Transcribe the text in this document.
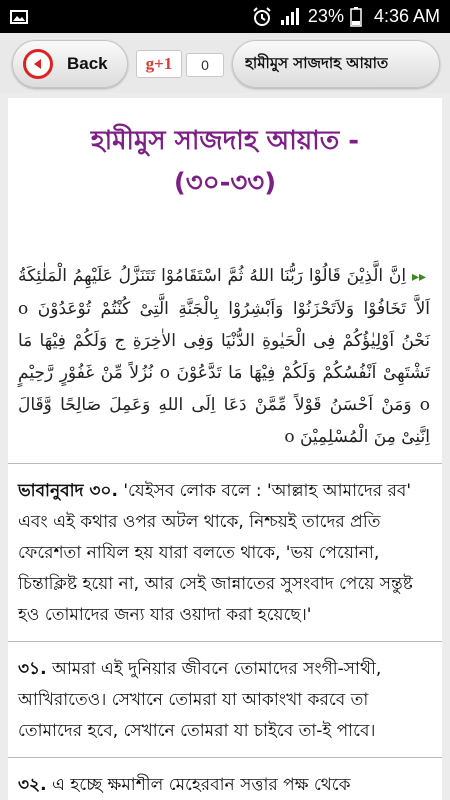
23% 4:36 AM
Back	g+1	0	হামীমুস সাজদাহ আয়াত
হামীমুস সাজদাহ আয়াত -
(৩০-৩৩)
▸▸ اِنَّ الَّذِيْنَ قَالُوْا رَبُّنَا اللهُ ثُمَّ اسْتَقَامُوْا تَتَنَزَّلُ عَلَيْهِمُ الْمَلٰئِكَةُ اَلاَّ تَخَافُوْا وَلاَتَحْزَنُوْا وَاَبْشِرُوْا بِالْجَنَّةِ الَّتِىْ كُنْتُمْ تُوْعَدُوْنَ o نَحْنُ اَوْلِيٰؤُكُمْ فِى الْحَيٰوةِ الدُّنْيَا وَفِى الاٰخِرَةِ ج وَلَكُمْ فِيْهَا مَا تَشْتَهِىْ اَنْفُسُكُمْ وَلَكُمْ فِيْهَا مَا تَدَّعُوْنَ o نُزُلاً مِّنْ غَفُوْرٍ رَّحِيْمٍ o وَمَنْ اَحْسَنُ قَوْلاً مِّمَّنْ دَعَا اِلَى اللهِ وَعَمِلَ صَالِحًا وَّقَالَ اِنَّنِىْ مِنَ الْمُسْلِمِيْنَ o
ভাবানুবাদ ৩০. 'যেইসব লোক বলে : 'আল্লাহ আমাদের রব' এবং এই কথার ওপর অটল থাকে, নিশ্চয়ই তাদের প্রতি ফেরেশতা নাযিল হয় যারা বলতে থাকে, 'ভয় পেয়োনা, চিন্তাক্লিষ্ট হয়ো না, আর সেই জান্নাতের সুসংবাদ পেয়ে সন্তুষ্ট হও তোমাদের জন্য যার ওয়াদা করা হয়েছে।'
৩১. আমরা এই দুনিয়ার জীবনে তোমাদের সংগী-সাথী, আখিরাতেও। সেখানে তোমরা যা আকাংখা করবে তা তোমাদের হবে, সেখানে তোমরা যা চাইবে তা-ই পাবে।
৩২. এ হচ্ছে ক্ষমাশীল মেহেরবান সত্তার পক্ষ থেকে
